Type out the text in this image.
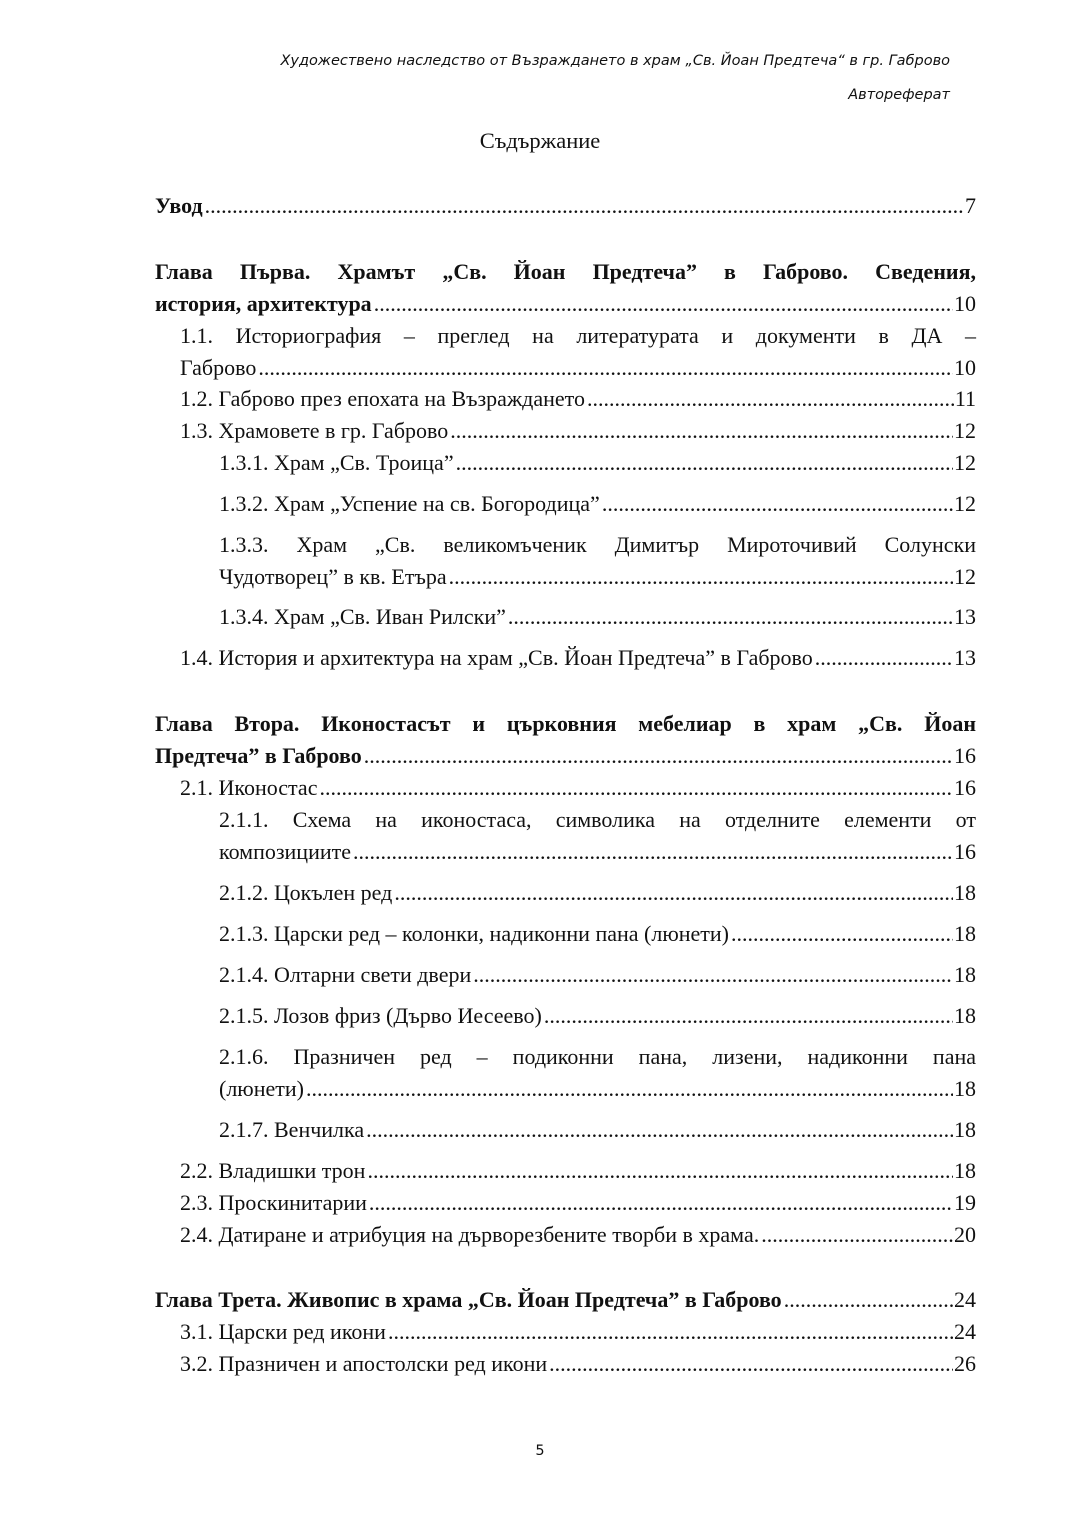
Художествено наследство от Възраждането в храм „Св. Йоан Предтеча“ в гр. Габрово
Автореферат
Съдържание
Увод .....	7
Глава Първа. Храмът „Св. Йоан Предтеча” в Габрово. Сведения,
история, архитектура .....	10
1.1. Историография – преглед на литературата и документи в ДА –
Габрово .....	10
1.2. Габрово през епохата на Възраждането .....	11
1.3. Храмовете в гр. Габрово .....	12
1.3.1. Храм „Св. Троица” .....	12
1.3.2. Храм „Успение на св. Богородица” .....	12
1.3.3. Храм „Св. великомъченик Димитър Мироточивий Солунски
Чудотворец” в кв. Етъра .....	12
1.3.4. Храм „Св. Иван Рилски” .....	13
1.4. История и архитектура на храм „Св. Йоан Предтеча” в Габрово .....	13
Глава Втора. Иконостасът и църковния мебелиар в храм „Св. Йоан
Предтеча” в Габрово .....	16
2.1. Иконостас .....	16
2.1.1. Схема на иконостаса, символика на отделните елементи от
композициите .....	16
2.1.2. Цокълен ред .....	18
2.1.3. Царски ред – колонки, надиконни пана (люнети) .....	18
2.1.4. Олтарни свети двери .....	18
2.1.5. Лозов фриз (Дърво Иесеево) .....	18
2.1.6. Празничен ред – подиконни пана, лизени, надиконни пана
(люнети) .....	18
2.1.7. Венчилка .....	18
2.2. Владишки трон .....	18
2.3. Проскинитарии .....	19
2.4. Датиране и атрибуция на дърворезбените творби в храма. .....	20
Глава Трета. Живопис в храма „Св. Йоан Предтеча” в Габрово .....	24
3.1. Царски ред икони .....	24
3.2. Празничен и апостолски ред икони .....	26
5
